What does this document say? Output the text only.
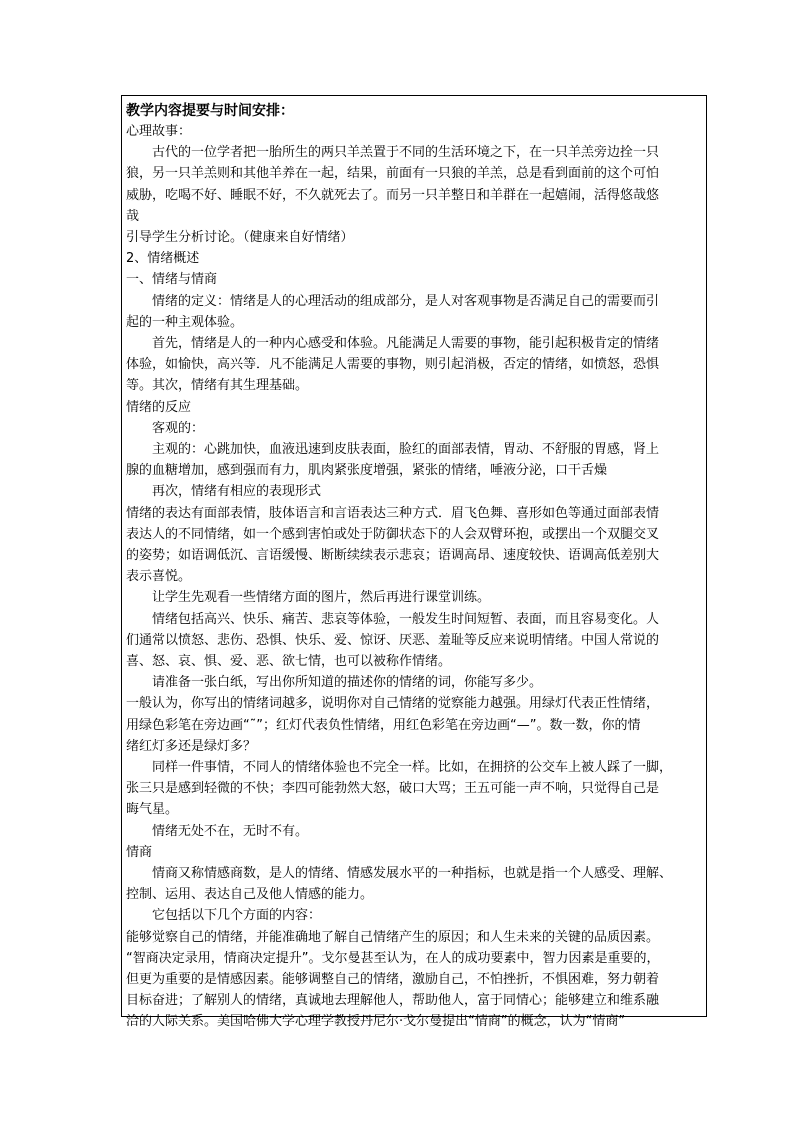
教学内容提要与时间安排：
心理故事：
　　古代的一位学者把一胎所生的两只羊羔置于不同的生活环境之下，在一只羊羔旁边拴一只
狼，另一只羊羔则和其他羊养在一起，结果，前面有一只狼的羊羔，总是看到面前的这个可怕
威胁，吃喝不好、睡眠不好，不久就死去了。而另一只羊整日和羊群在一起嬉闹，活得悠哉悠
哉
引导学生分析讨论。（健康来自好情绪）
2、情绪概述
一、情绪与情商
　　情绪的定义：情绪是人的心理活动的组成部分，是人对客观事物是否满足自己的需要而引
起的一种主观体验。
　　首先，情绪是人的一种内心感受和体验。凡能满足人需要的事物，能引起积极肯定的情绪
体验，如愉快，高兴等．凡不能满足人需要的事物，则引起消极，否定的情绪，如愤怒，恐惧
等。其次，情绪有其生理基础。
情绪的反应
　　客观的：
　　主观的：心跳加快，血液迅速到皮肤表面，脸红的面部表情，胃动、不舒服的胃感，肾上
腺的血糖增加，感到强而有力，肌肉紧张度增强，紧张的情绪，唾液分泌，口干舌燥
　　再次，情绪有相应的表现形式
情绪的表达有面部表情，肢体语言和言语表达三种方式．眉飞色舞、喜形如色等通过面部表情
表达人的不同情绪，如一个感到害怕或处于防御状态下的人会双臂环抱，或摆出一个双腿交叉
的姿势；如语调低沉、言语缓慢、断断续续表示悲哀；语调高昂、速度较快、语调高低差别大
表示喜悦。
　　让学生先观看一些情绪方面的图片，然后再进行课堂训练。
　　情绪包括高兴、快乐、痛苦、悲哀等体验，一般发生时间短暂、表面，而且容易变化。人
们通常以愤怒、悲伤、恐惧、快乐、爱、惊讶、厌恶、羞耻等反应来说明情绪。中国人常说的
喜、怒、哀、惧、爱、恶、欲七情，也可以被称作情绪。
　　请准备一张白纸，写出你所知道的描述你的情绪的词，你能写多少。
一般认为，你写出的情绪词越多，说明你对自己情绪的觉察能力越强。用绿灯代表正性情绪，
用绿色彩笔在旁边画“˜”；红灯代表负性情绪，用红色彩笔在旁边画“—”。数一数，你的情
绪红灯多还是绿灯多？
　　同样一件事情，不同人的情绪体验也不完全一样。比如，在拥挤的公交车上被人踩了一脚，
张三只是感到轻微的不快；李四可能勃然大怒，破口大骂；王五可能一声不响，只觉得自己是
晦气星。
　　情绪无处不在，无时不有。
情商
　　情商又称情感商数，是人的情绪、情感发展水平的一种指标，也就是指一个人感受、理解、
控制、运用、表达自己及他人情感的能力。
　　它包括以下几个方面的内容：
能够觉察自己的情绪，并能准确地了解自己情绪产生的原因；和人生未来的关键的品质因素。
“智商决定录用，情商决定提升”。戈尔曼甚至认为，在人的成功要素中，智力因素是重要的，
但更为重要的是情感因素。能够调整自己的情绪，激励自己，不怕挫折，不惧困难，努力朝着
目标奋进；了解别人的情绪，真诚地去理解他人，帮助他人，富于同情心；能够建立和维系融
洽的人际关系。美国哈佛大学心理学教授丹尼尔·戈尔曼提出“情商”的概念，认为“情商”
